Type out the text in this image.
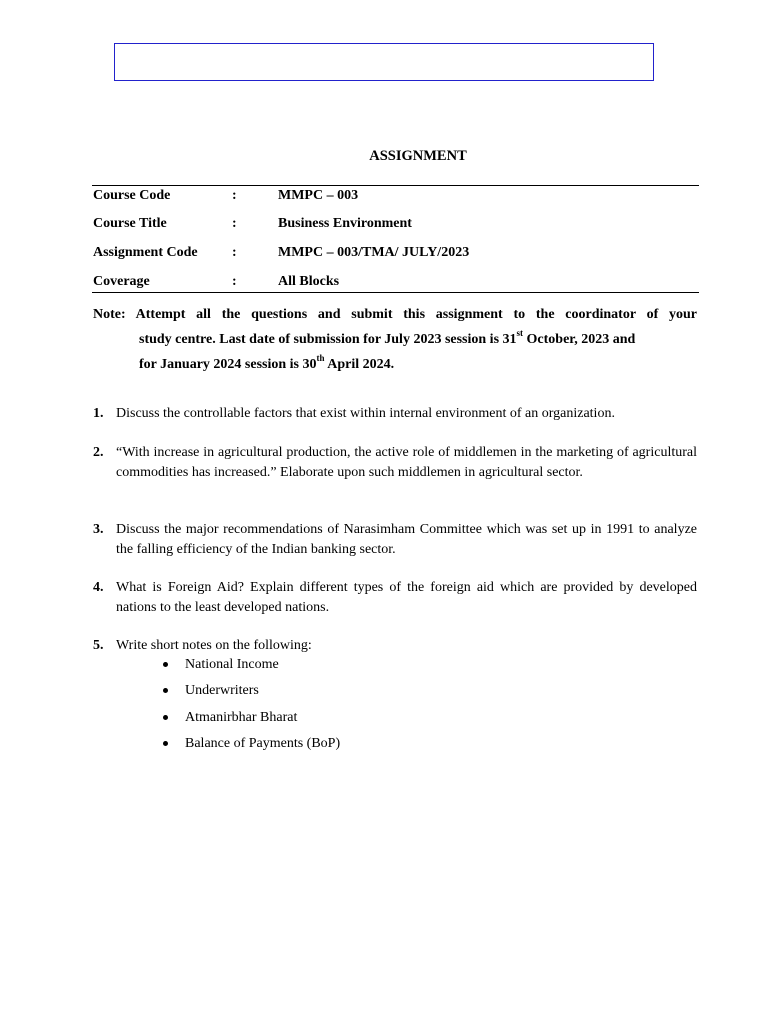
ASSIGNMENT
Course Code	:	MMPC – 003
Course Title	:	Business Environment
Assignment Code :	MMPC – 003/TMA/ JULY/2023
Coverage	:	All Blocks
Note: Attempt all the questions and submit this assignment to the coordinator of your
study centre. Last date of submission for July 2023 session is 31st October, 2023 and
for January 2024 session is 30th April 2024.
1. Discuss the controllable factors that exist within internal environment of an organization.
2. “With increase in agricultural production, the active role of middlemen in the marketing of agricultural commodities has increased.” Elaborate upon such middlemen in agricultural sector.
3. Discuss the major recommendations of Narasimham Committee which was set up in 1991 to analyze the falling efficiency of the Indian banking sector.
4. What is Foreign Aid? Explain different types of the foreign aid which are provided by developed nations to the least developed nations.
5. Write short notes on the following:
National Income
Underwriters
Atmanirbhar Bharat
Balance of Payments (BoP)
